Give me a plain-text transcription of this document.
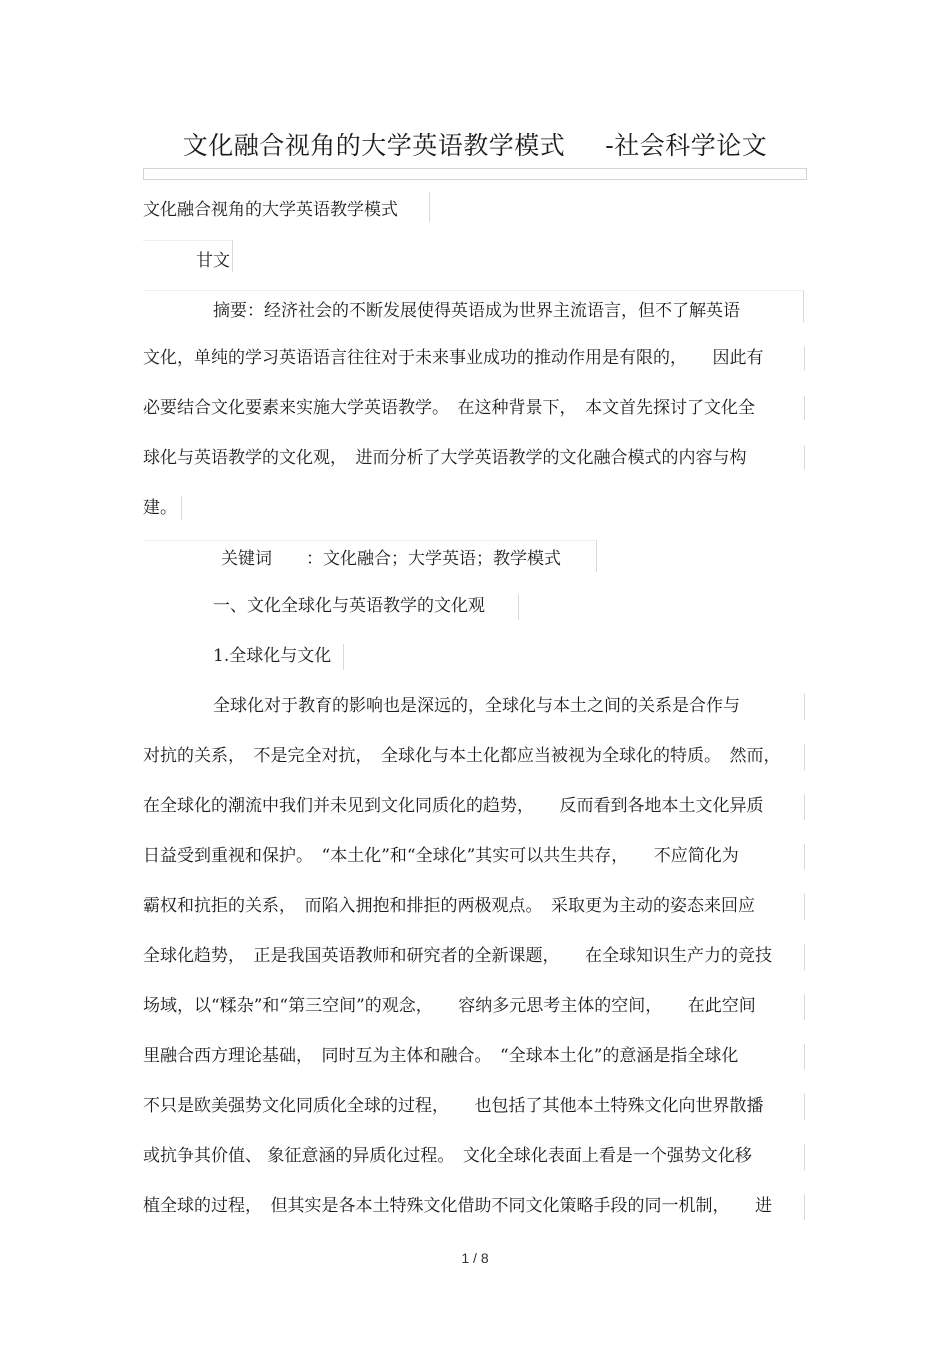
文化融合视角的大学英语教学模式 -社会科学论文
文化融合视角的大学英语教学模式
甘文
摘要：经济社会的不断发展使得英语成为世界主流语言，但不了解英语
文化，单纯的学习英语语言往往对于未来事业成功的推动作用是有限的，　　因此有
必要结合文化要素来实施大学英语教学。　在这种背景下，　本文首先探讨了文化全
球化与英语教学的文化观，　进而分析了大学英语教学的文化融合模式的内容与构
建。
关键词　　：文化融合；大学英语；教学模式
一、文化全球化与英语教学的文化观
1.全球化与文化
全球化对于教育的影响也是深远的，全球化与本土之间的关系是合作与
对抗的关系，　不是完全对抗，　全球化与本土化都应当被视为全球化的特质。　然而，
在全球化的潮流中我们并未见到文化同质化的趋势，　　反而看到各地本土文化异质
日益受到重视和保护。　“本土化”和“全球化”其实可以共生共存，　　不应简化为
霸权和抗拒的关系，　而陷入拥抱和排拒的两极观点。　采取更为主动的姿态来回应
全球化趋势，　正是我国英语教师和研究者的全新课题，　　在全球知识生产力的竞技
场域，以“糅杂”和“第三空间”的观念，　　容纳多元思考主体的空间，　　在此空间
里融合西方理论基础，　同时互为主体和融合。　“全球本土化”的意涵是指全球化
不只是欧美强势文化同质化全球的过程，　　也包括了其他本土特殊文化向世界散播
或抗争其价值、 象征意涵的异质化过程。　文化全球化表面上看是一个强势文化移
植全球的过程，　但其实是各本土特殊文化借助不同文化策略手段的同一机制，　　进
1 / 8
